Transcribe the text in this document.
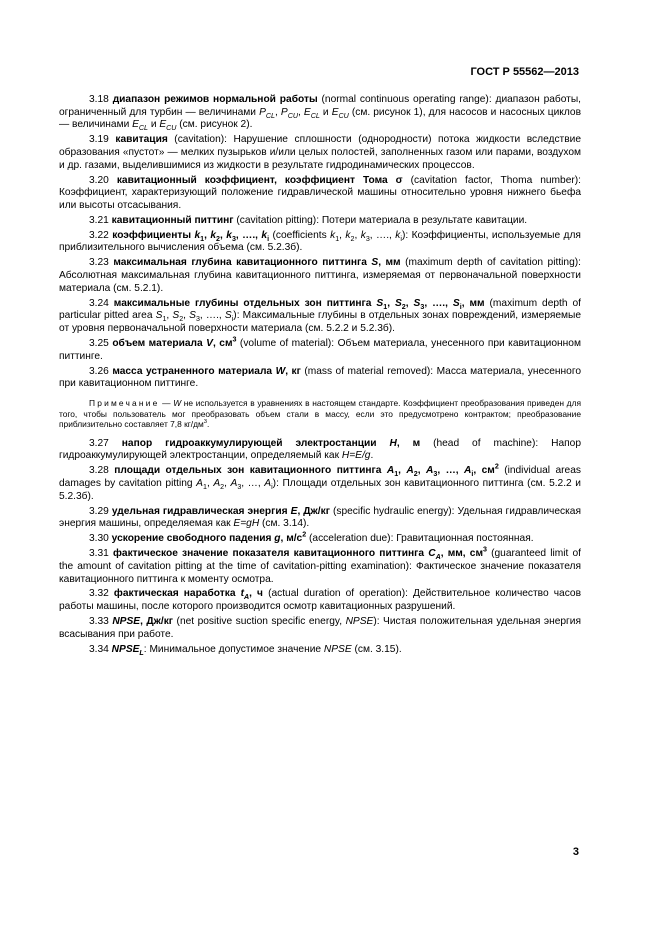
ГОСТ Р 55562—2013

3.18 диапазон режимов нормальной работы (normal continuous operating range): диапазон работы, ограниченный для турбин — величинами $P_{CL}$, $P_{CU}$, $E_{CL}$ и $E_{CU}$ (см. рисунок 1), для насосов и насосных циклов — величинами $E_{CL}$ и $E_{CU}$ (см. рисунок 2).

3.19 кавитация (cavitation): Нарушение сплошности (однородности) потока жидкости вследствие образования «пустот» — мелких пузырьков и/или целых полостей, заполненных газом или парами, воздухом и др. газами, выделившимися из жидкости в результате гидродинамических процессов.

3.20 кавитационный коэффициент, коэффициент Тома σ (cavitation factor, Thoma number): Коэффициент, характеризующий положение гидравлической машины относительно уровня нижнего бьефа или высоты отсасывания.

3.21 кавитационный питтинг (cavitation pitting): Потери материала в результате кавитации.

3.22 коэффициенты $k_1$, $k_2$, $k_3$, …., $k_i$ (coefficients $k_1$, $k_2$, $k_3$, …., $k_i$): Коэффициенты, используемые для приблизительного вычисления объема (см. 5.2.3б).

3.23 максимальная глубина кавитационного питтинга S, мм (maximum depth of cavitation pitting): Абсолютная максимальная глубина кавитационного питтинга, измеряемая от первоначальной поверхности материала (см. 5.2.1).

3.24 максимальные глубины отдельных зон питтинга $S_1$, $S_2$, $S_3$, …., $S_i$, мм (maximum depth of particular pitted area $S_1$, $S_2$, $S_3$, …., $S_i$): Максимальные глубины в отдельных зонах повреждений, измеряемые от уровня первоначальной поверхности материала (см. 5.2.2 и 5.2.3б).

3.25 объем материала V, $см^3$ (volume of material): Объем материала, унесенного при кавитационном питтинге.

3.26 масса устраненного материала W, кг (mass of material removed): Масса материала, унесенного при кавитационном питтинге.

Примечание — W не используется в уравнениях в настоящем стандарте. Коэффициент преобразования приведен для того, чтобы пользователь мог преобразовать объем стали в массу, если это предусмотрено контрактом; преобразование приблизительно составляет 7,8 $кг/дм^3$.

3.27 напор гидроаккумулирующей электростанции H, м (head of machine): Напор гидроаккумулирующей электростанции, определяемый как H=E/g.

3.28 площади отдельных зон кавитационного питтинга $A_1$, $A_2$, $A_3$, …, $A_i$, $см^2$ (individual areas damages by cavitation pitting $A_1$, $A_2$, $A_3$, …, $A_i$): Площади отдельных зон кавитационного питтинга (см. 5.2.2 и 5.2.3б).

3.29 удельная гидравлическая энергия E, Дж/кг (specific hydraulic energy): Удельная гидравлическая энергия машины, определяемая как E=gH (см. 3.14).

3.30 ускорение свободного падения g, $м/с^2$ (acceleration due): Гравитационная постоянная.

3.31 фактическое значение показателя кавитационного питтинга $C_A$, мм, $см^3$ (guaranteed limit of the amount of cavitation pitting at the time of cavitation-pitting examination): Фактическое значение показателя кавитационного питтинга к моменту осмотра.

3.32 фактическая наработка $t_A$, ч (actual duration of operation): Действительное количество часов работы машины, после которого производится осмотр кавитационных разрушений.

3.33 NPSE, Дж/кг (net positive suction specific energy, NPSE): Чистая положительная удельная энергия всасывания при работе.

3.34 $NPSE_L$: Минимальное допустимое значение NPSE (см. 3.15).

3
